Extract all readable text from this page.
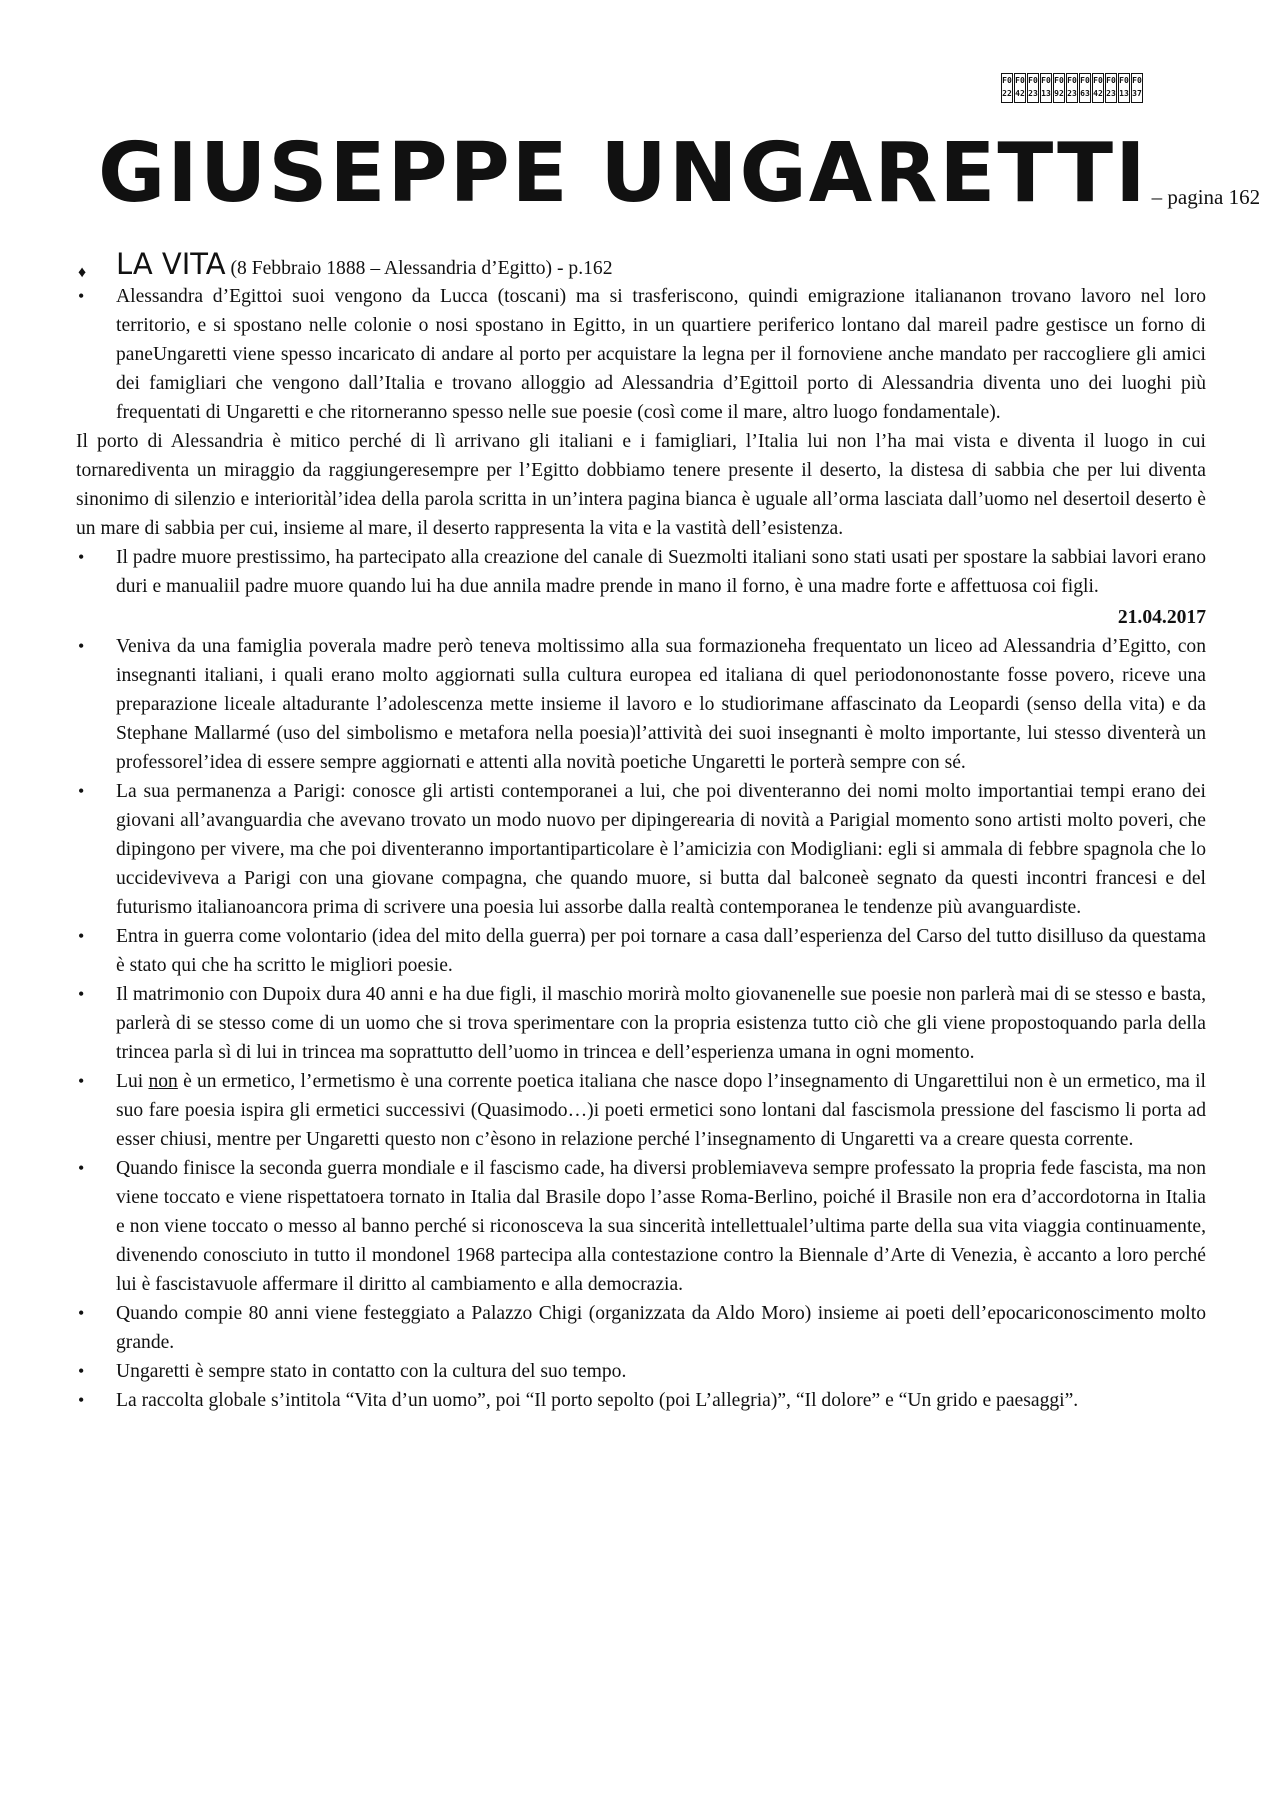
F0
22
F0
42
F0
23
F0
13
F0
92
F0
23
F0
63
F0
42
F0
23
F0
13
F0
37
GIUSEPPE UNGARETTI – pagina 162
♦ LA VITA (8 Febbraio 1888 – Alessandria d’Egitto) - p.162
• Alessandra d’Egittoi suoi vengono da Lucca (toscani) ma si trasferiscono, quindi emigrazione italiananon trovano lavoro nel loro territorio, e si spostano nelle colonie o nosi spostano in Egitto, in un quartiere periferico lontano dal mareil padre gestisce un forno di paneUngaretti viene spesso incaricato di andare al porto per acquistare la legna per il fornoviene anche mandato per raccogliere gli amici dei famigliari che vengono dall’Italia e trovano alloggio ad Alessandria d’Egittoil porto di Alessandria diventa uno dei luoghi più frequentati di Ungaretti e che ritorneranno spesso nelle sue poesie (così come il mare, altro luogo fondamentale).

Il porto di Alessandria è mitico perché di lì arrivano gli italiani e i famigliari, l’Italia lui non l’ha mai vista e diventa il luogo in cui tornarediventa un miraggio da raggiungeresempre per l’Egitto dobbiamo tenere presente il deserto, la distesa di sabbia che per lui diventa sinonimo di silenzio e interioritàl’idea della parola scritta in un’intera pagina bianca è uguale all’orma lasciata dall’uomo nel desertoil deserto è un mare di sabbia per cui, insieme al mare, il deserto rappresenta la vita e la vastità dell’esistenza.

• Il padre muore prestissimo, ha partecipato alla creazione del canale di Suezmolti italiani sono stati usati per spostare la sabbiai lavori erano duri e manualiil padre muore quando lui ha due annila madre prende in mano il forno, è una madre forte e affettuosa coi figli.

21.04.2017

• Veniva da una famiglia poverala madre però teneva moltissimo alla sua formazioneha frequentato un liceo ad Alessandria d’Egitto, con insegnanti italiani, i quali erano molto aggiornati sulla cultura europea ed italiana di quel periodononostante fosse povero, riceve una preparazione liceale altadurante l’adolescenza mette insieme il lavoro e lo studiorimane affascinato da Leopardi (senso della vita) e da Stephane Mallarmé (uso del simbolismo e metafora nella poesia)l’attività dei suoi insegnanti è molto importante, lui stesso diventerà un professorel’idea di essere sempre aggiornati e attenti alla novità poetiche Ungaretti le porterà sempre con sé.
• La sua permanenza a Parigi: conosce gli artisti contemporanei a lui, che poi diventeranno dei nomi molto importantiai tempi erano dei giovani all’avanguardia che avevano trovato un modo nuovo per dipingerearia di novità a Parigial momento sono artisti molto poveri, che dipingono per vivere, ma che poi diventeranno importantiparticolare è l’amicizia con Modigliani: egli si ammala di febbre spagnola che lo uccideviveva a Parigi con una giovane compagna, che quando muore, si butta dal balconeè segnato da questi incontri francesi e del futurismo italianoancora prima di scrivere una poesia lui assorbe dalla realtà contemporanea le tendenze più avanguardiste.
• Entra in guerra come volontario (idea del mito della guerra) per poi tornare a casa dall’esperienza del Carso del tutto disilluso da questama è stato qui che ha scritto le migliori poesie.
• Il matrimonio con Dupoix dura 40 anni e ha due figli, il maschio morirà molto giovanenelle sue poesie non parlerà mai di se stesso e basta, parlerà di se stesso come di un uomo che si trova sperimentare con la propria esistenza tutto ciò che gli viene propostoquando parla della trincea parla sì di lui in trincea ma soprattutto dell’uomo in trincea e dell’esperienza umana in ogni momento.
• Lui non è un ermetico, l’ermetismo è una corrente poetica italiana che nasce dopo l’insegnamento di Ungarettilui non è un ermetico, ma il suo fare poesia ispira gli ermetici successivi (Quasimodo…)i poeti ermetici sono lontani dal fascismola pressione del fascismo li porta ad esser chiusi, mentre per Ungaretti questo non c’èsono in relazione perché l’insegnamento di Ungaretti va a creare questa corrente.
• Quando finisce la seconda guerra mondiale e il fascismo cade, ha diversi problemiaveva sempre professato la propria fede fascista, ma non viene toccato e viene rispettatoera tornato in Italia dal Brasile dopo l’asse Roma-Berlino, poiché il Brasile non era d’accordotorna in Italia e non viene toccato o messo al banno perché si riconosceva la sua sincerità intellettualel’ultima parte della sua vita viaggia continuamente, divenendo conosciuto in tutto il mondonel 1968 partecipa alla contestazione contro la Biennale d’Arte di Venezia, è accanto a loro perché lui è fascistavuole affermare il diritto al cambiamento e alla democrazia.
• Quando compie 80 anni viene festeggiato a Palazzo Chigi (organizzata da Aldo Moro) insieme ai poeti dell’epocariconoscimento molto grande.
• Ungaretti è sempre stato in contatto con la cultura del suo tempo.
• La raccolta globale s’intitola “Vita d’un uomo”, poi “Il porto sepolto (poi L’allegria)”, “Il dolore” e “Un grido e paesaggi”.
